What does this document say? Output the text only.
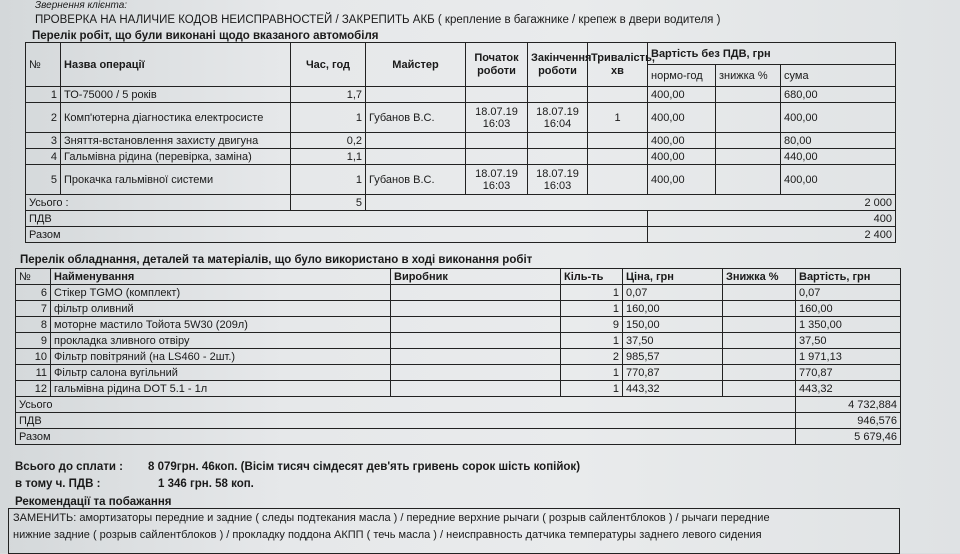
Звернення клієнта:
ПРОВЕРКА НА НАЛИЧИЕ КОДОВ НЕИСПРАВНОСТЕЙ / ЗАКРЕПИТЬ АКБ ( крепление в багажнике / крепеж в двери водителя )
Перелік робіт, що були виконані щодо вказаного автомобіля
№	Назва операції	Час, год	Майстер	Початок роботи	Закінчення роботи	Тривалість, хв	Вартість без ПДВ, грн		
							нормо-год	знижка %	сума
1	ТО-75000 / 5 років	1,7					400,00		680,00
2	Комп'ютерна діагностика електросисте	1	Губанов В.С.	18.07.19 16:03	18.07.19 16:04	1	400,00		400,00
3	Зняття-встановлення захисту двигуна	0,2					400,00		80,00
4	Гальмівна рідина (перевірка, заміна)	1,1					400,00		440,00
5	Прокачка гальмівної системи	1	Губанов В.С.	18.07.19 16:03	18.07.19 16:03		400,00		400,00
Усього :		5	2 000						
ПДВ							400		
Разом							2 400		
Перелік обладнання, деталей та матеріалів, що було використано в ході виконання робіт
№	Найменування	Виробник	Кіль-ть	Ціна, грн	Знижка %	Вартість, грн
6	Стікер TGMO (комплект)		1	0,07		0,07
7	фільтр оливний		1	160,00		160,00
8	моторне мастило Тойота 5W30 (209л)		9	150,00		1 350,00
9	прокладка зливного отвіру		1	37,50		37,50
10	Фільтр повітряний (на LS460 - 2шт.)		2	985,57		1 971,13
11	Фільтр салона вугільний		1	770,87		770,87
12	гальмівна рідина DOT 5.1 - 1л		1	443,32		443,32
Усього						4 732,884
ПДВ						946,576
Разом						5 679,46
Всього до сплати : 8 079грн. 46коп. (Вісім тисяч сімдесят дев'ять гривень сорок шість копійок)
в тому ч. ПДВ :	1 346 грн. 58 коп.
Рекомендації та побажання
ЗАМЕНИТЬ: амортизаторы передние и задние ( следы подтекания масла ) / передние верхние рычаги ( розрыв сайлентблоков ) / рычаги передние
нижние задние ( розрыв сайлентблоков ) / прокладку поддона АКПП ( течь масла ) / неисправность датчика температуры заднего левого сидения
